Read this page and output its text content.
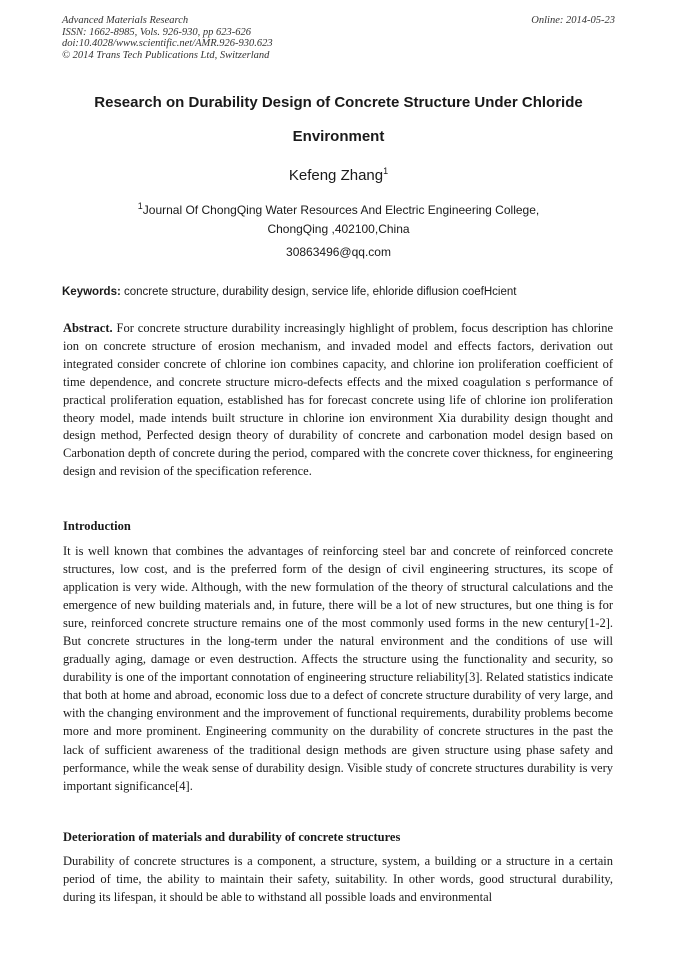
Advanced Materials Research
ISSN: 1662-8985, Vols. 926-930, pp 623-626
doi:10.4028/www.scientific.net/AMR.926-930.623
© 2014 Trans Tech Publications Ltd, Switzerland
Online: 2014-05-23
Research on Durability Design of Concrete Structure Under Chloride
Environment
Kefeng Zhang$^1$
$^1$Journal Of ChongQing Water Resources And Electric Engineering College,
ChongQing ,402100,China
30863496@qq.com
Keywords: concrete structure, durability design, service life, ehloride diflusion coefHcient
Abstract. For concrete structure durability increasingly highlight of problem, focus description has chlorine ion on concrete structure of erosion mechanism, and invaded model and effects factors, derivation out integrated consider concrete of chlorine ion combines capacity, and chlorine ion proliferation coefficient of time dependence, and concrete structure micro-defects effects and the mixed coagulation s performance of practical proliferation equation, established has for forecast concrete using life of chlorine ion proliferation theory model, made intends built structure in chlorine ion environment Xia durability design thought and design method, Perfected design theory of durability of concrete and carbonation model design based on Carbonation depth of concrete during the period, compared with the concrete cover thickness, for engineering design and revision of the specification reference.
Introduction
It is well known that combines the advantages of reinforcing steel bar and concrete of reinforced concrete structures, low cost, and is the preferred form of the design of civil engineering structures, its scope of application is very wide. Although, with the new formulation of the theory of structural calculations and the emergence of new building materials and, in future, there will be a lot of new structures, but one thing is for sure, reinforced concrete structure remains one of the most commonly used forms in the new century[1-2]. But concrete structures in the long-term under the natural environment and the conditions of use will gradually aging, damage or even destruction. Affects the structure using the functionality and security, so durability is one of the important connotation of engineering structure reliability[3]. Related statistics indicate that both at home and abroad, economic loss due to a defect of concrete structure durability of very large, and with the changing environment and the improvement of functional requirements, durability problems become more and more prominent. Engineering community on the durability of concrete structures in the past the lack of sufficient awareness of the traditional design methods are given structure using phase safety and performance, while the weak sense of durability design. Visible study of concrete structures durability is very important significance[4].
Deterioration of materials and durability of concrete structures
Durability of concrete structures is a component, a structure, system, a building or a structure in a certain period of time, the ability to maintain their safety, suitability. In other words, good structural durability, during its lifespan, it should be able to withstand all possible loads and environmental
